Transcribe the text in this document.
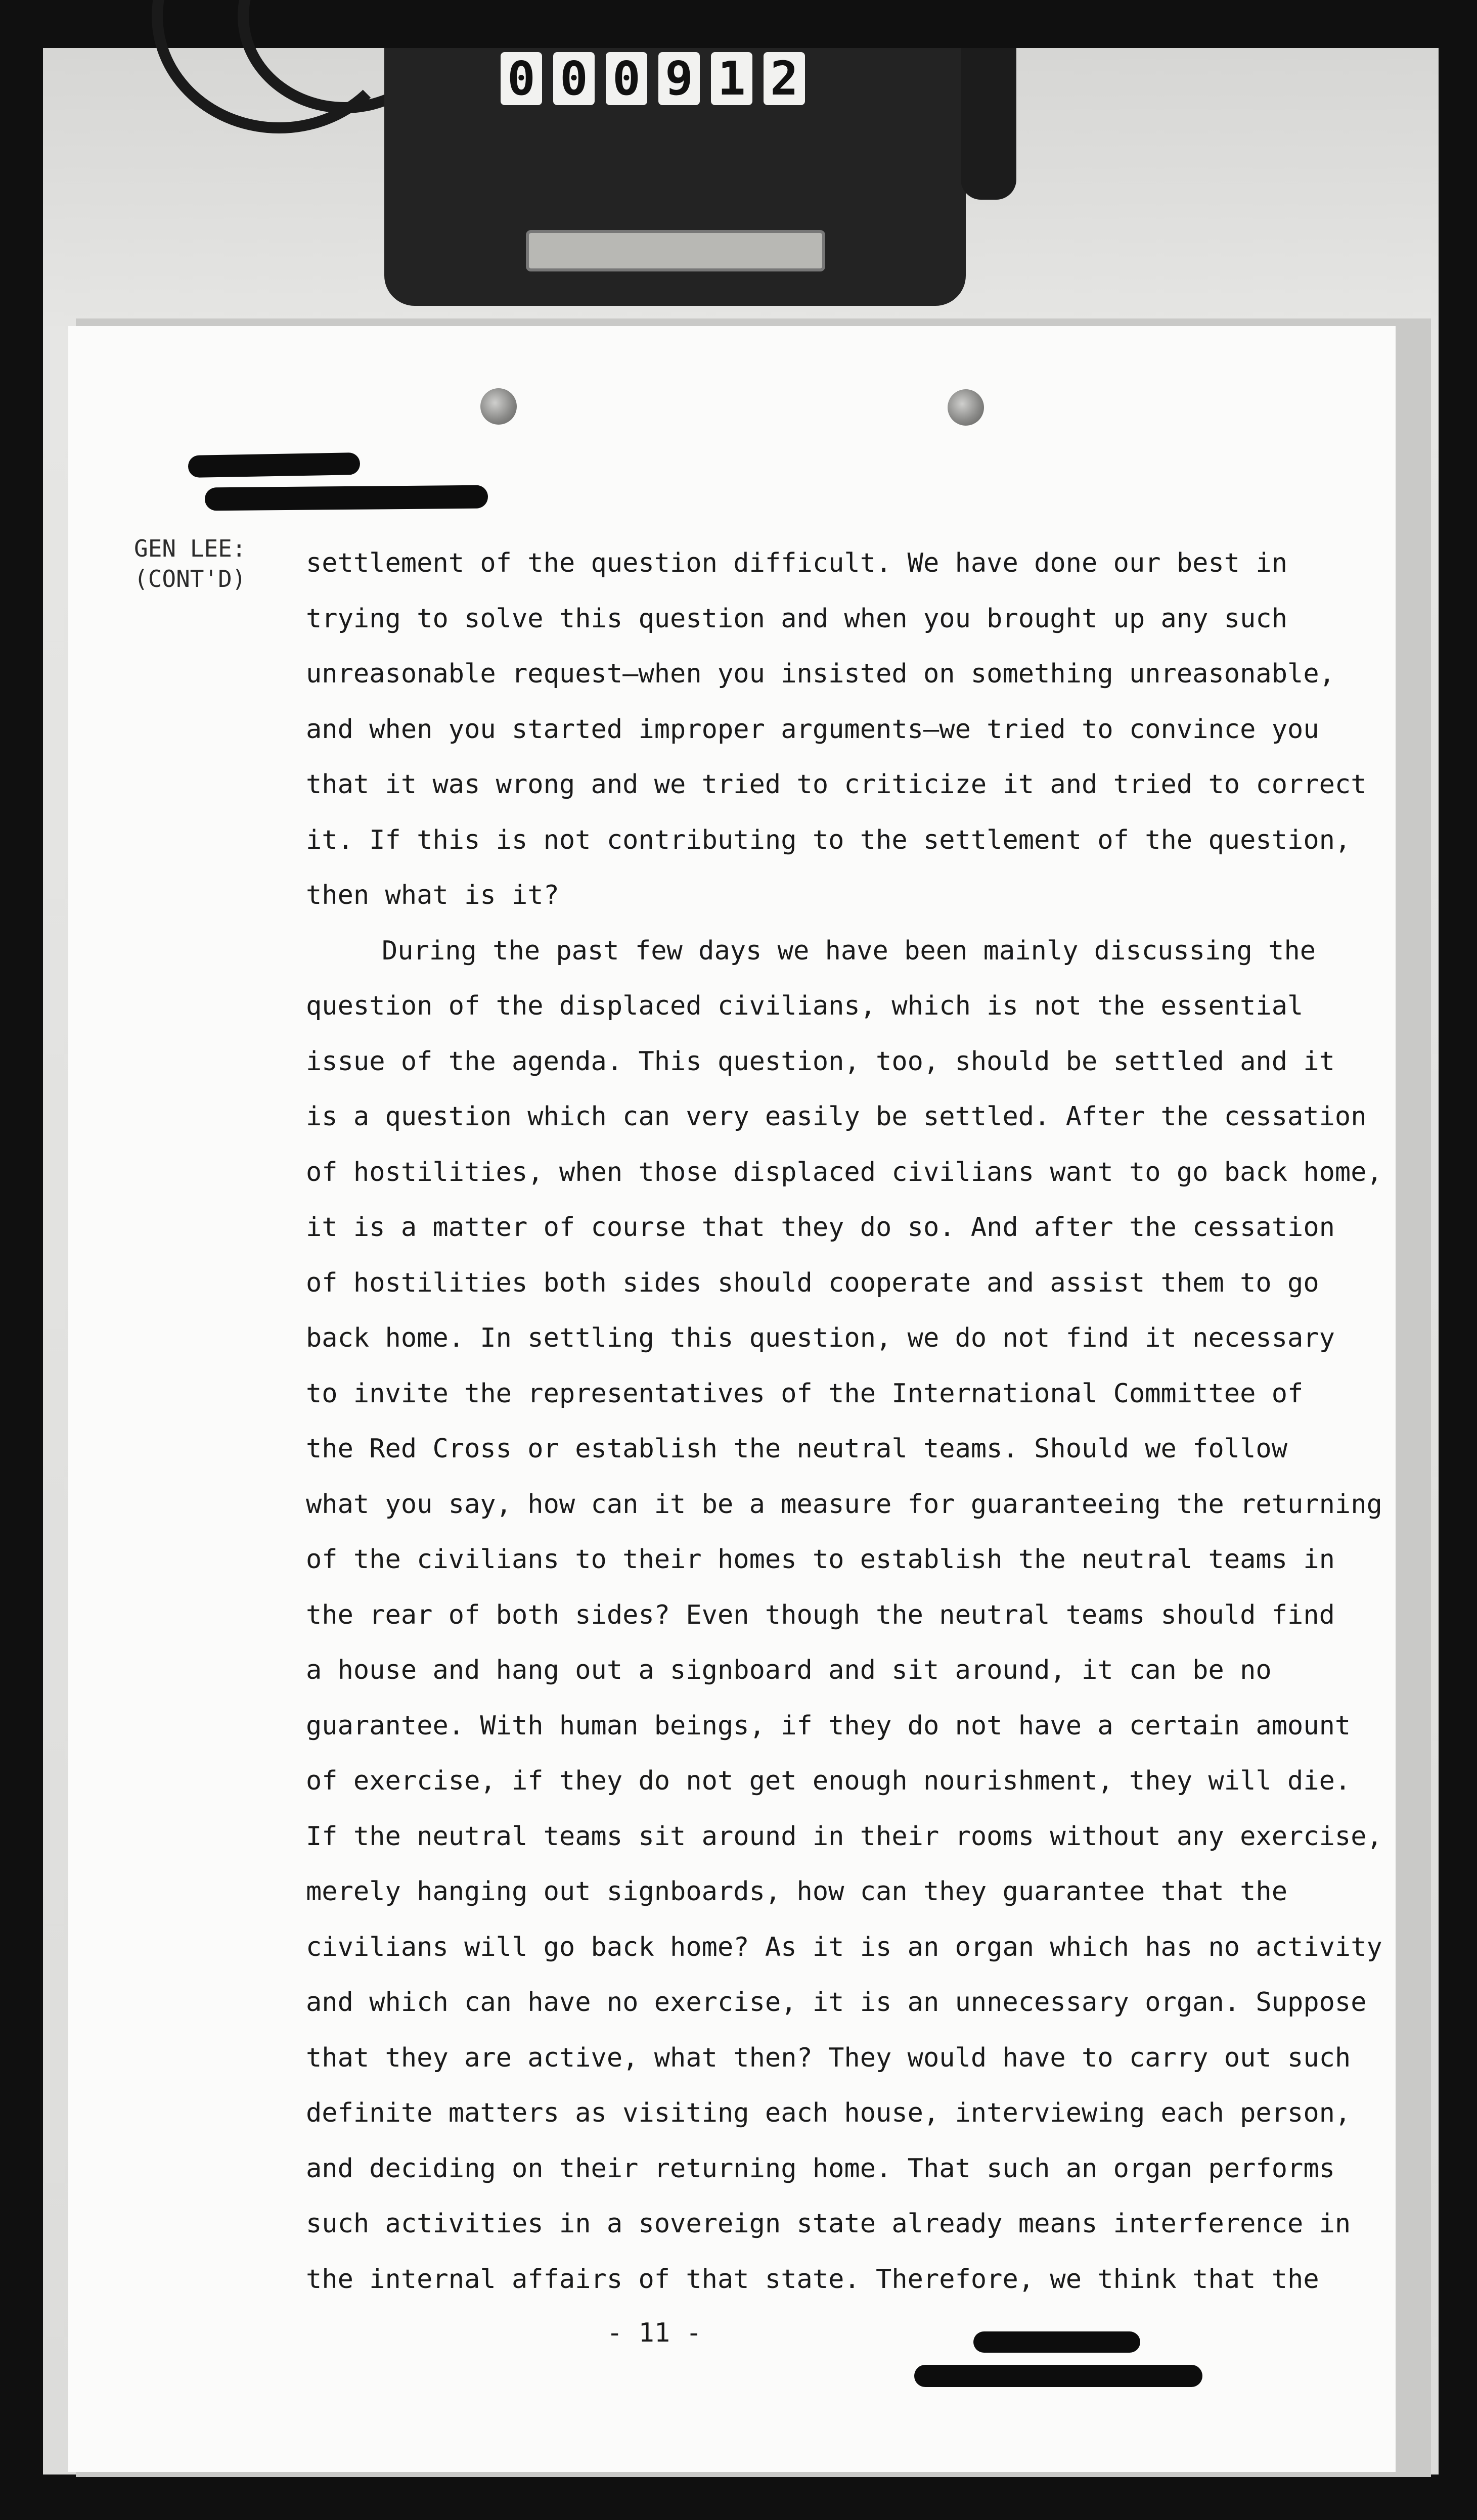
0 0 0 9 1 2
GEN LEE:
(CONT'D)
settlement of the question difficult. We have done our best in
trying to solve this question and when you brought up any such
unreasonable request—when you insisted on something unreasonable,
and when you started improper arguments—we tried to convince you
that it was wrong and we tried to criticize it and tried to correct
it. If this is not contributing to the settlement of the question,
then what is it?
During the past few days we have been mainly discussing the
question of the displaced civilians, which is not the essential
issue of the agenda. This question, too, should be settled and it
is a question which can very easily be settled. After the cessation
of hostilities, when those displaced civilians want to go back home,
it is a matter of course that they do so. And after the cessation
of hostilities both sides should cooperate and assist them to go
back home. In settling this question, we do not find it necessary
to invite the representatives of the International Committee of
the Red Cross or establish the neutral teams. Should we follow
what you say, how can it be a measure for guaranteeing the returning
of the civilians to their homes to establish the neutral teams in
the rear of both sides? Even though the neutral teams should find
a house and hang out a signboard and sit around, it can be no
guarantee. With human beings, if they do not have a certain amount
of exercise, if they do not get enough nourishment, they will die.
If the neutral teams sit around in their rooms without any exercise,
merely hanging out signboards, how can they guarantee that the
civilians will go back home? As it is an organ which has no activity
and which can have no exercise, it is an unnecessary organ. Suppose
that they are active, what then? They would have to carry out such
definite matters as visiting each house, interviewing each person,
and deciding on their returning home. That such an organ performs
such activities in a sovereign state already means interference in
the internal affairs of that state. Therefore, we think that the
- 11 -
